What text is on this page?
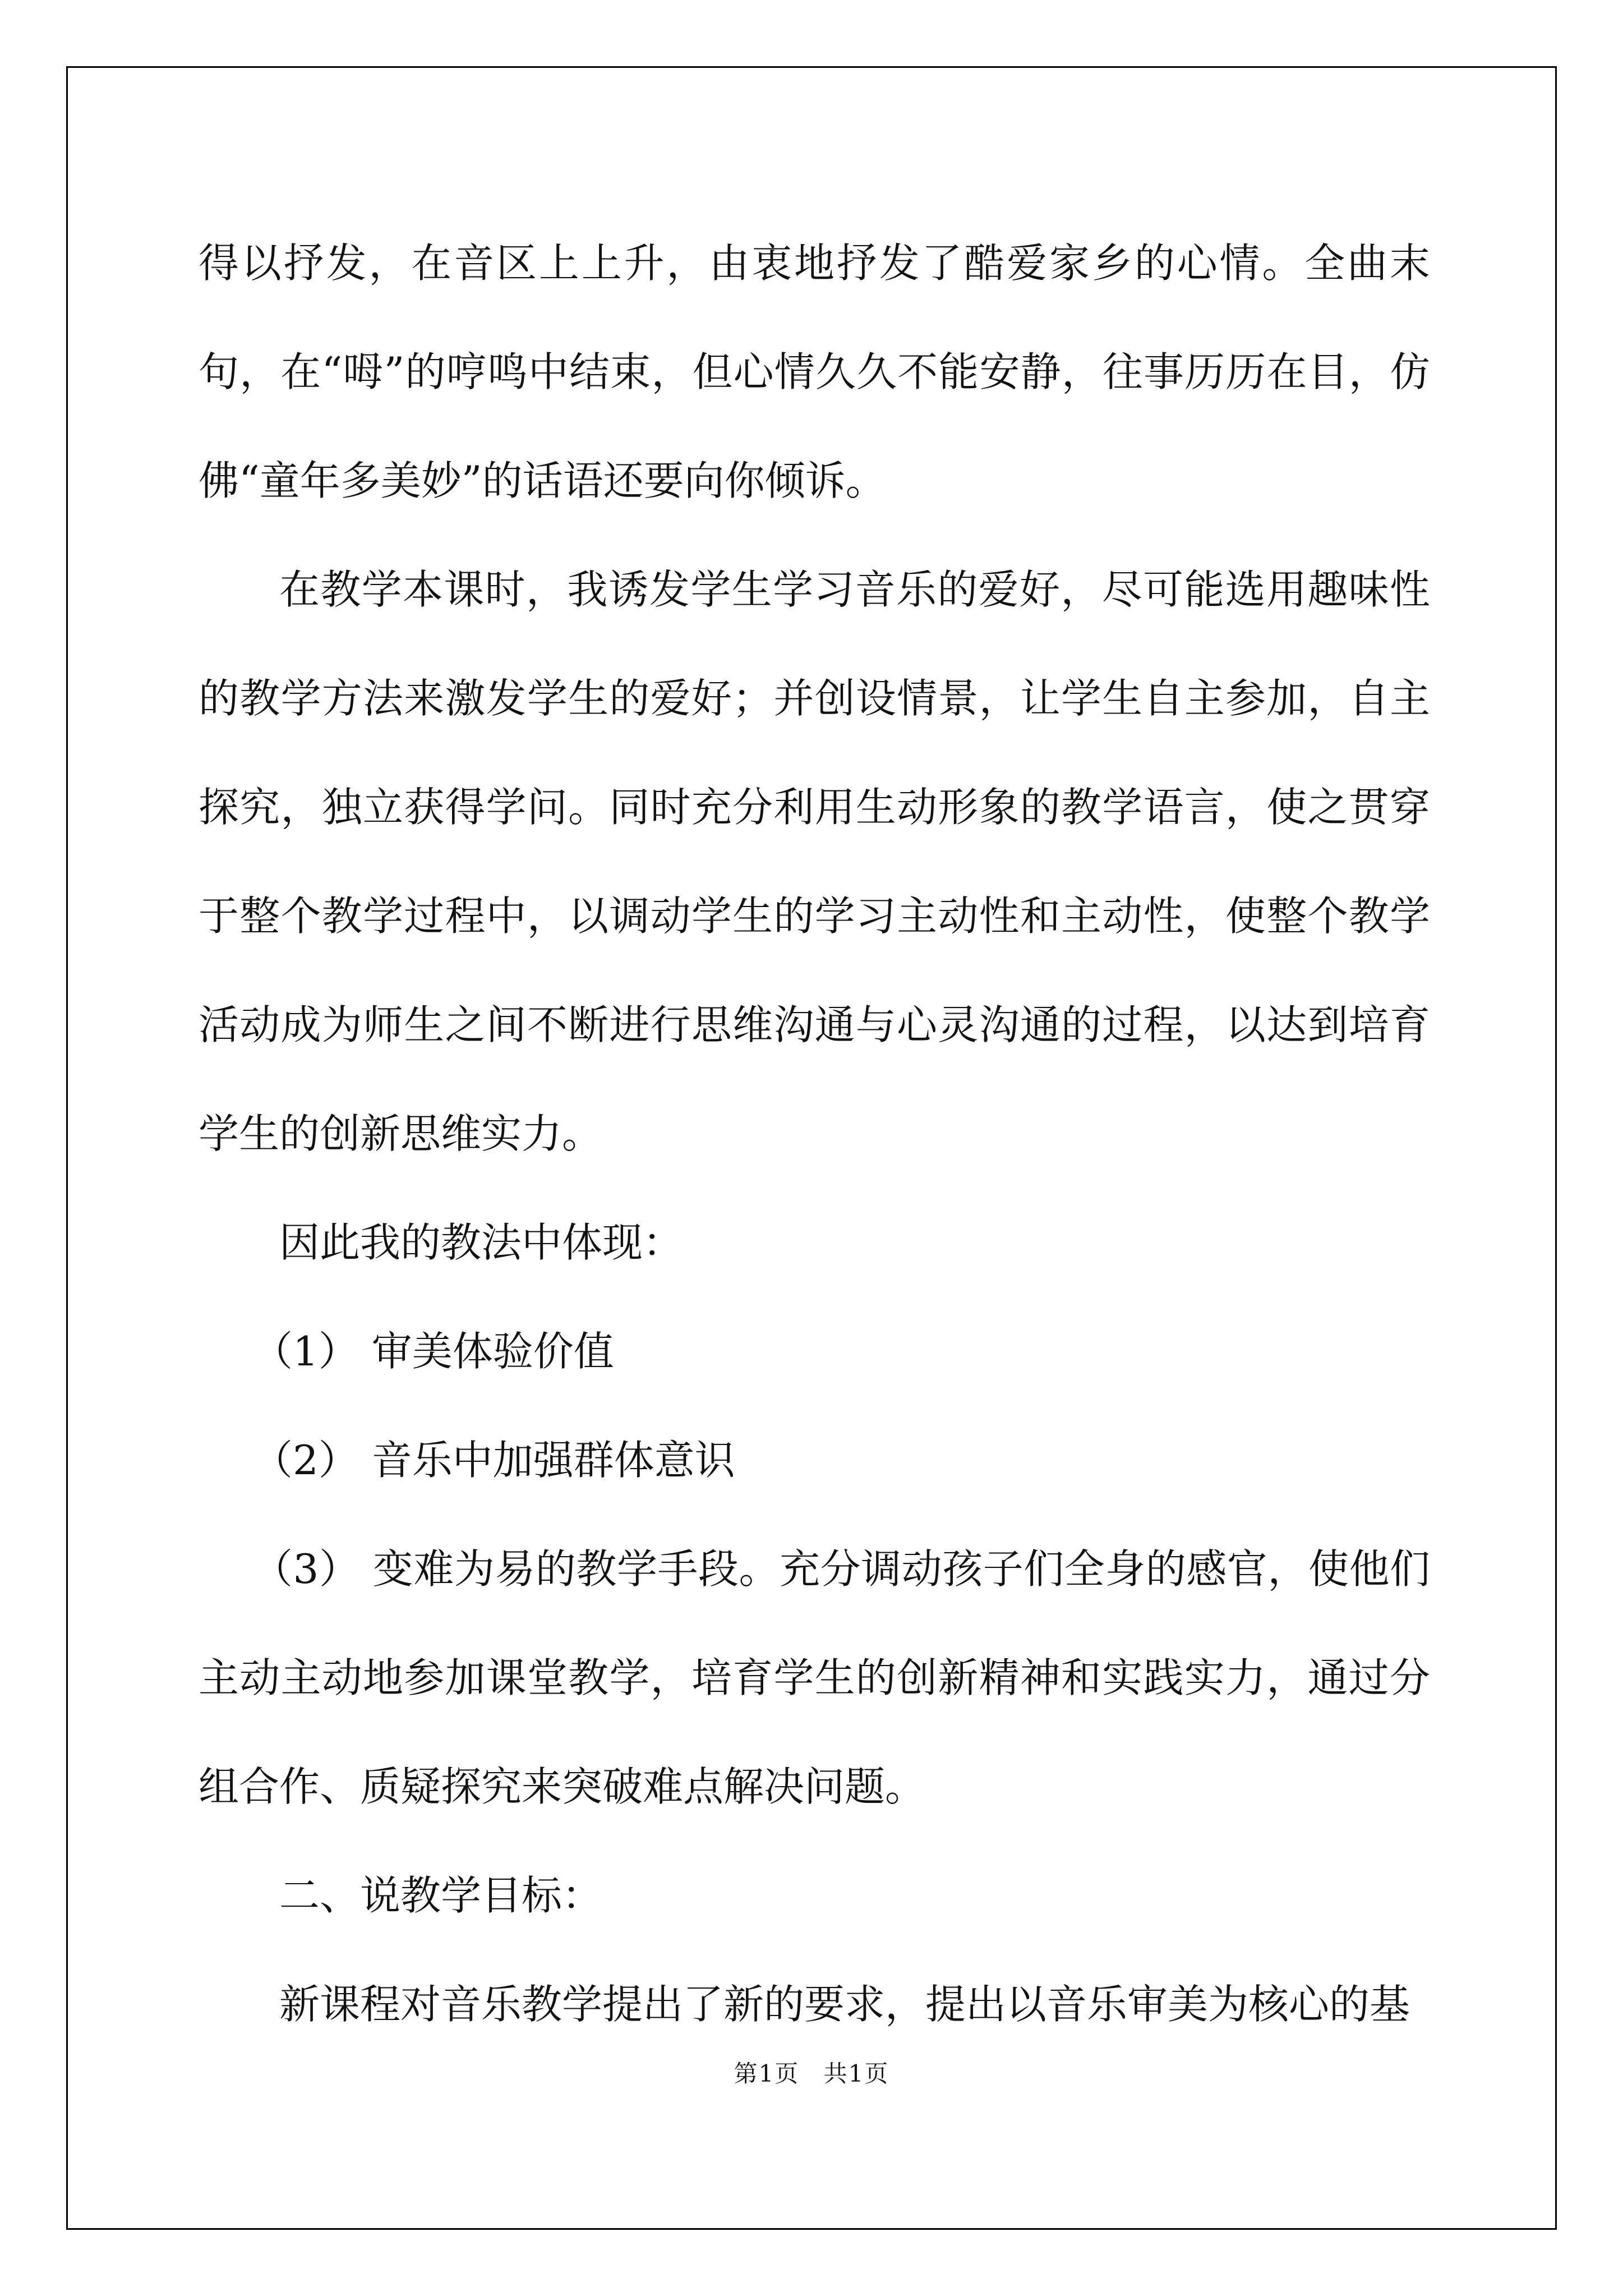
得以抒发，在音区上上升，由衷地抒发了酷爱家乡的心情。全曲末句，在“呣”的哼鸣中结束，但心情久久不能安静，往事历历在目，仿佛“童年多美妙”的话语还要向你倾诉。

在教学本课时，我诱发学生学习音乐的爱好，尽可能选用趣味性的教学方法来激发学生的爱好；并创设情景，让学生自主参加，自主探究，独立获得学问。同时充分利用生动形象的教学语言，使之贯穿于整个教学过程中，以调动学生的学习主动性和主动性，使整个教学活动成为师生之间不断进行思维沟通与心灵沟通的过程，以达到培育学生的创新思维实力。

因此我的教法中体现：

（1） 审美体验价值

（2） 音乐中加强群体意识

（3） 变难为易的教学手段。充分调动孩子们全身的感官，使他们主动主动地参加课堂教学，培育学生的创新精神和实践实力，通过分组合作、质疑探究来突破难点解决问题。

二、说教学目标：

新课程对音乐教学提出了新的要求，提出以音乐审美为核心的基

第1页 共1页
